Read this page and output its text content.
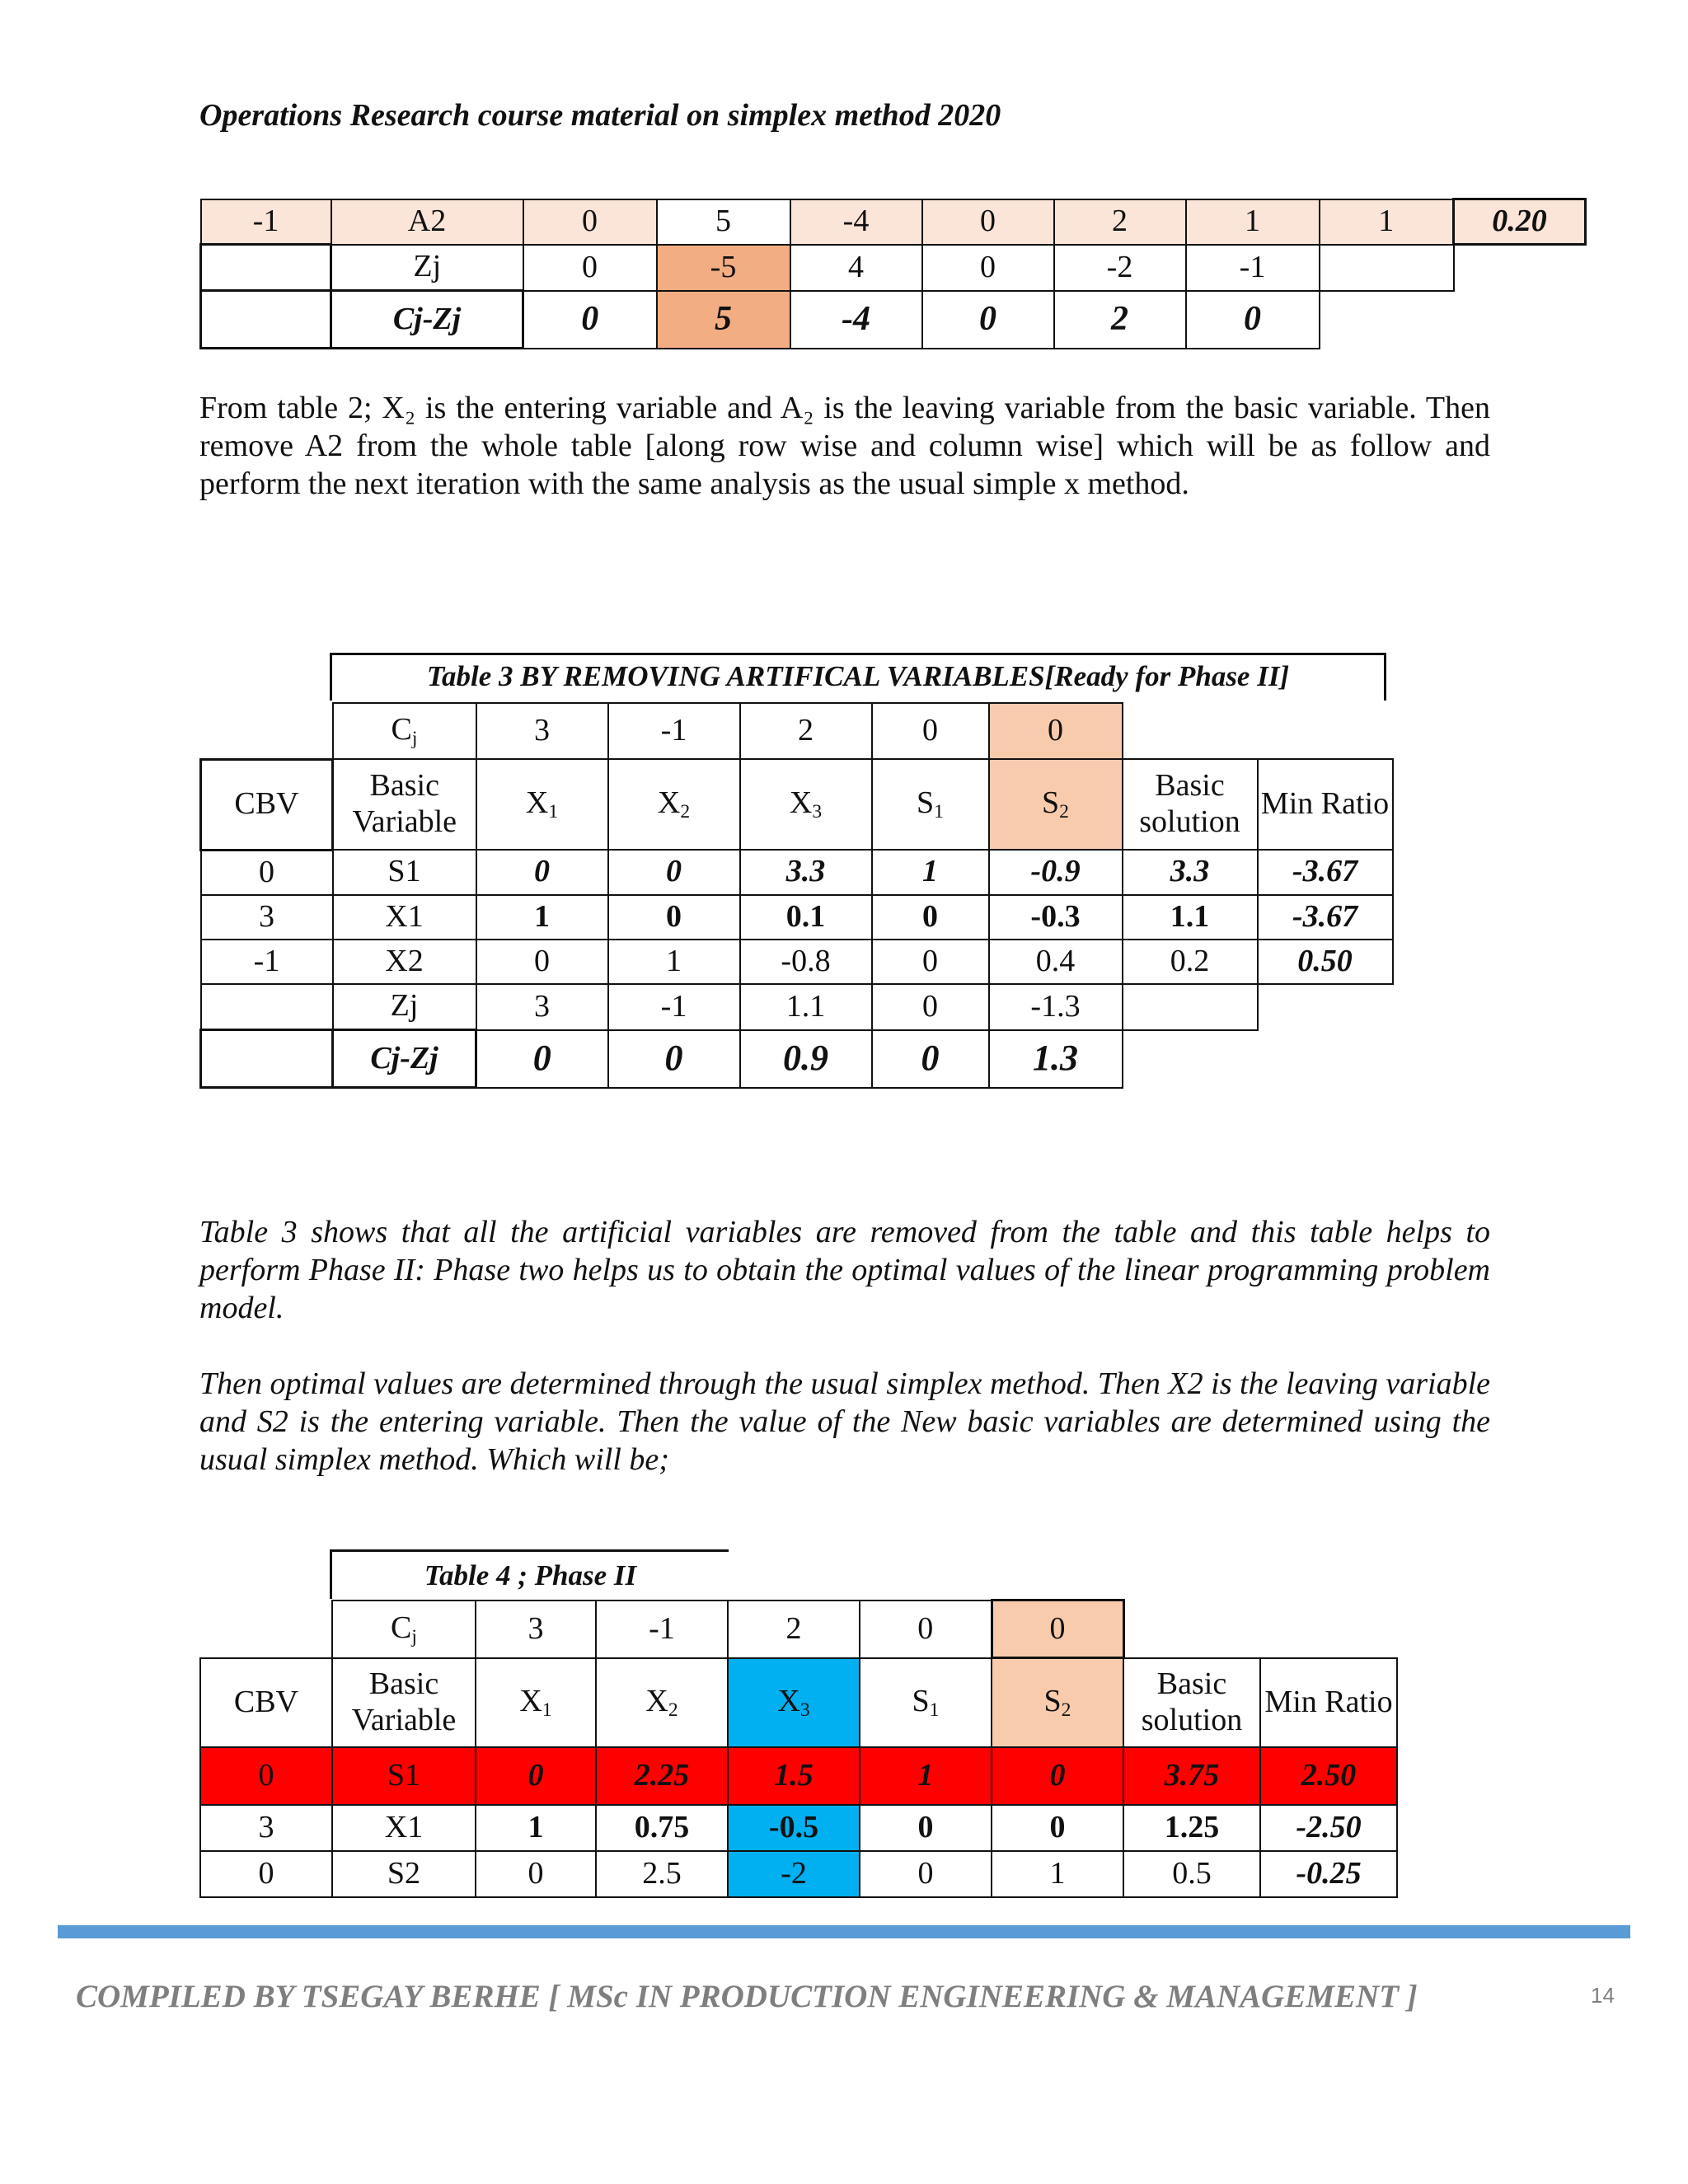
Operations Research course material on simplex method 2020
-1	A2	0	5	-4	0	2	1	1	0.20
	Zj	0	-5	4	0	-2	-1		
	Cj-Zj	0	5	-4	0	2	0		
From table 2; X₂ is the entering variable and A₂ is the leaving variable from the basic variable. Then remove A2 from the whole table [along row wise and column wise] which will be as follow and perform the next iteration with the same analysis as the usual simple x method.
Table 3 BY REMOVING ARTIFICAL VARIABLES[Ready for Phase II]
	$C_j$	3	-1	2	0	0		
CBV	Basic Variable	$X_1$	$X_2$	$X_3$	$S_1$	$S_2$	Basic solution	Min Ratio
0	S1	0	0	3.3	1	-0.9	3.3	-3.67
3	X1	1	0	0.1	0	-0.3	1.1	-3.67
-1	X2	0	1	-0.8	0	0.4	0.2	0.50
	Zj	3	-1	1.1	0	-1.3		
	Cj-Zj	0	0	0.9	0	1.3		
Table 3 shows that all the artificial variables are removed from the table and this table helps to perform Phase II: Phase two helps us to obtain the optimal values of the linear programming problem model.
Then optimal values are determined through the usual simplex method. Then X2 is the leaving variable and S2 is the entering variable. Then the value of the New basic variables are determined using the usual simplex method. Which will be;
Table 4 ; Phase II
	$C_j$	3	-1	2	0	0		
CBV	Basic Variable	$X_1$	$X_2$	$X_3$	$S_1$	$S_2$	Basic solution	Min Ratio
0	S1	0	2.25	1.5	1	0	3.75	2.50
3	X1	1	0.75	-0.5	0	0	1.25	-2.50
0	S2	0	2.5	-2	0	1	0.5	-0.25
COMPILED BY TSEGAY BERHE [ MSc IN PRODUCTION ENGINEERING & MANAGEMENT ]	14
